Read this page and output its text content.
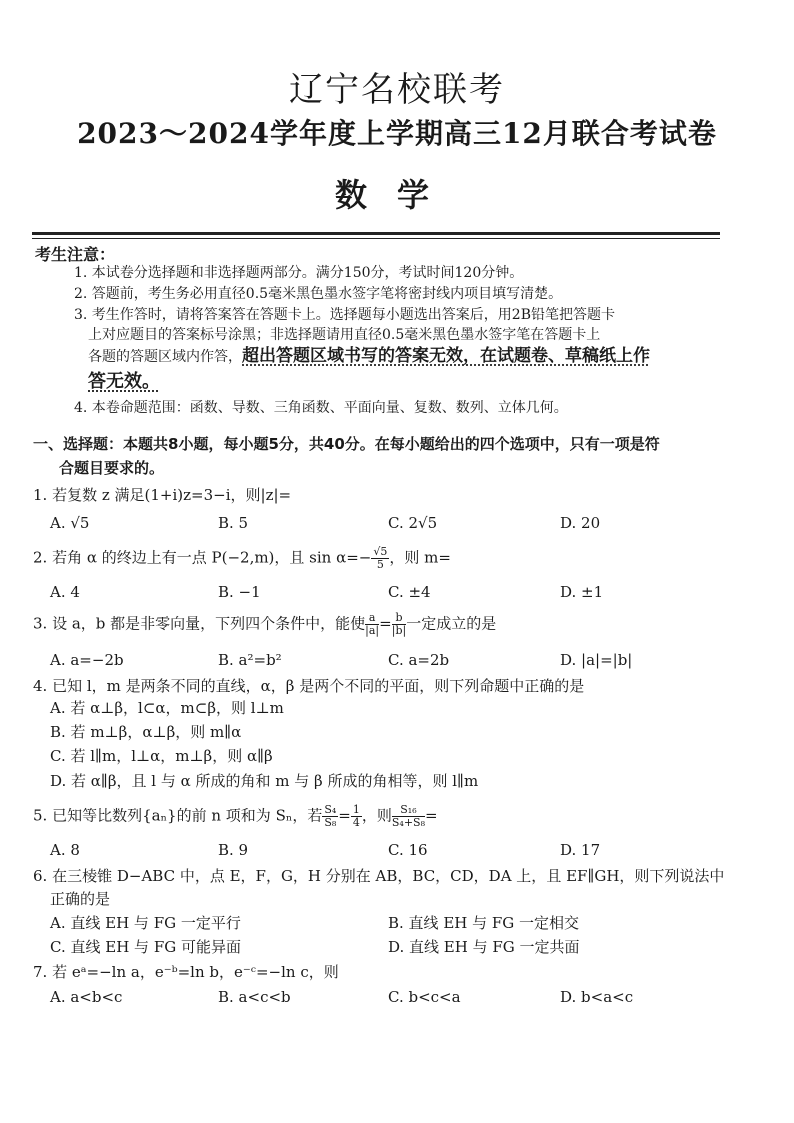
辽宁名校联考
2023～2024学年度上学期高三12月联合考试卷
数学
考生注意：
1. 本试卷分选择题和非选择题两部分。满分150分，考试时间120分钟。
2. 答题前，考生务必用直径0.5毫米黑色墨水签字笔将密封线内项目填写清楚。
3. 考生作答时，请将答案答在答题卡上。选择题每小题选出答案后，用2B铅笔把答题卡
上对应题目的答案标号涂黑；非选择题请用直径0.5毫米黑色墨水签字笔在答题卡上
各题的答题区域内作答，超出答题区域书写的答案无效，在试题卷、草稿纸上作
答无效。
4. 本卷命题范围：函数、导数、三角函数、平面向量、复数、数列、立体几何。
一、选择题：本题共8小题，每小题5分，共40分。在每小题给出的四个选项中，只有一项是符
合题目要求的。
1. 若复数 z 满足(1+i)z=3−i，则|z|=
A. √5	B. 5	C. 2√5	D. 20
2. 若角 α 的终边上有一点 P(−2,m)，且 $\sin \alpha=- \frac{√5}{5}$ ，则 m=
A. 4	B. −1	C. ±4	D. ±1
3. 设 a，b 都是非零向量，下列四个条件中，能使 $\frac{a}{|a|} = \frac{b}{|b|}$ 一定成立的是
A. a=−2b	B. a²=b²	C. a=2b	D. |a|=|b|
4. 已知 l，m 是两条不同的直线，α，β 是两个不同的平面，则下列命题中正确的是
A. 若 α⊥β，l⊂α，m⊂β，则 l⊥m
B. 若 m⊥β，α⊥β，则 m∥α
C. 若 l∥m，l⊥α，m⊥β，则 α∥β
D. 若 α∥β，且 l 与 α 所成的角和 m 与 β 所成的角相等，则 l∥m
5. 已知等比数列{aₙ}的前 n 项和为 Sₙ，若 $\frac{\text{S₄}}{\text{S₈}} = \frac{1}{4}$ ，则 $\frac{\text{S₁₆}}{\text{S₄+S₈}}$ =
A. 8	B. 9	C. 16	D. 17
6. 在三棱锥 D−ABC 中，点 E，F，G，H 分别在 AB，BC，CD，DA 上，且 EF∥GH，则下列说法中
正确的是
A. 直线 EH 与 FG 一定平行	B. 直线 EH 与 FG 一定相交
C. 直线 EH 与 FG 可能异面	D. 直线 EH 与 FG 一定共面
7. 若 eᵃ=−ln a，e⁻ᵇ=ln b，e⁻ᶜ=−ln c，则
A. a<b<c	B. a<c<b	C. b<c<a	D. b<a<c
